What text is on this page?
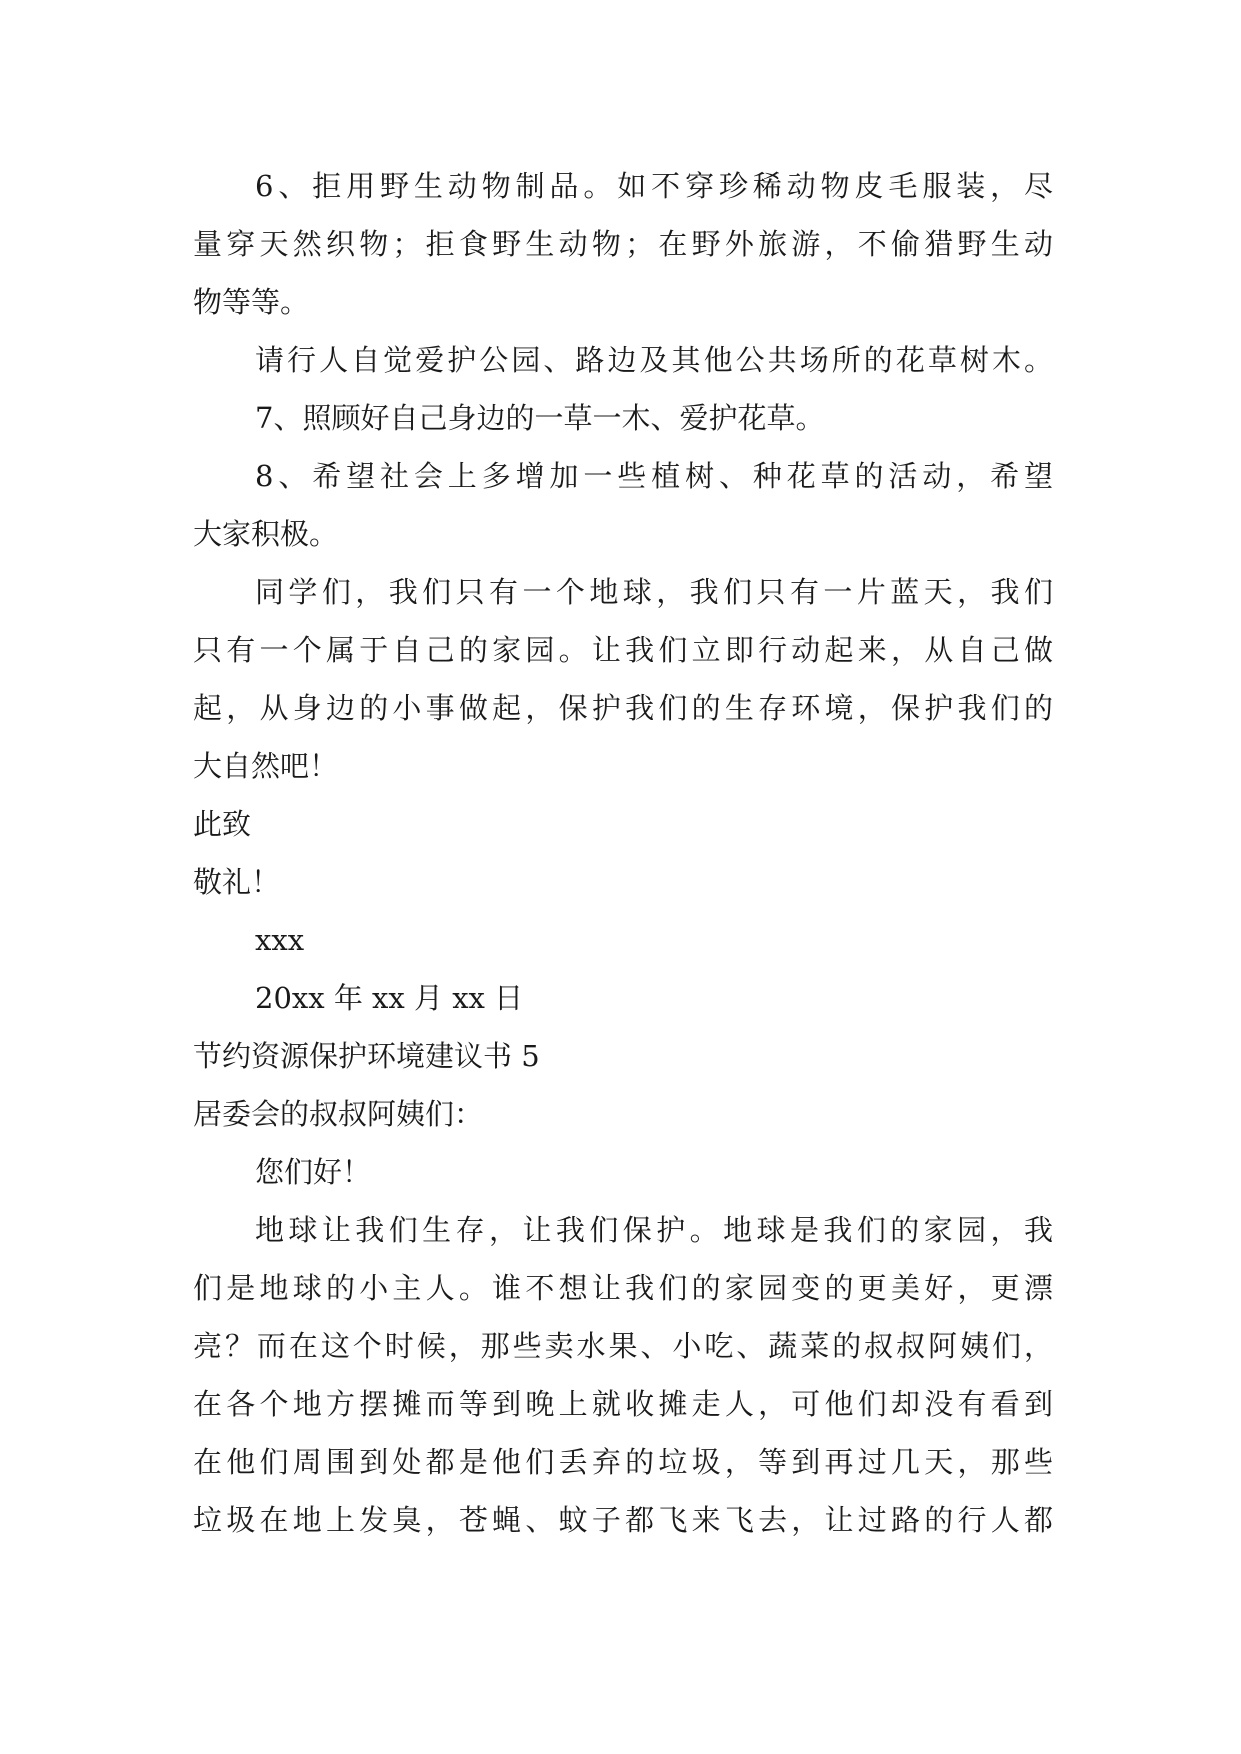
6、拒用野生动物制品。如不穿珍稀动物皮毛服装，尽
量穿天然织物；拒食野生动物；在野外旅游，不偷猎野生动
物等等。
请行人自觉爱护公园、路边及其他公共场所的花草树木。
7、照顾好自己身边的一草一木、爱护花草。
8、希望社会上多增加一些植树、种花草的活动，希望
大家积极。
同学们，我们只有一个地球，我们只有一片蓝天，我们
只有一个属于自己的家园。让我们立即行动起来，从自己做
起，从身边的小事做起，保护我们的生存环境，保护我们的
大自然吧！
此致
敬礼！
xxx
20xx 年 xx 月 xx 日
节约资源保护环境建议书 5
居委会的叔叔阿姨们：
您们好！
地球让我们生存，让我们保护。地球是我们的家园，我
们是地球的小主人。谁不想让我们的家园变的更美好，更漂
亮？而在这个时候，那些卖水果、小吃、蔬菜的叔叔阿姨们，
在各个地方摆摊而等到晚上就收摊走人，可他们却没有看到
在他们周围到处都是他们丢弃的垃圾，等到再过几天，那些
垃圾在地上发臭，苍蝇、蚊子都飞来飞去，让过路的行人都
